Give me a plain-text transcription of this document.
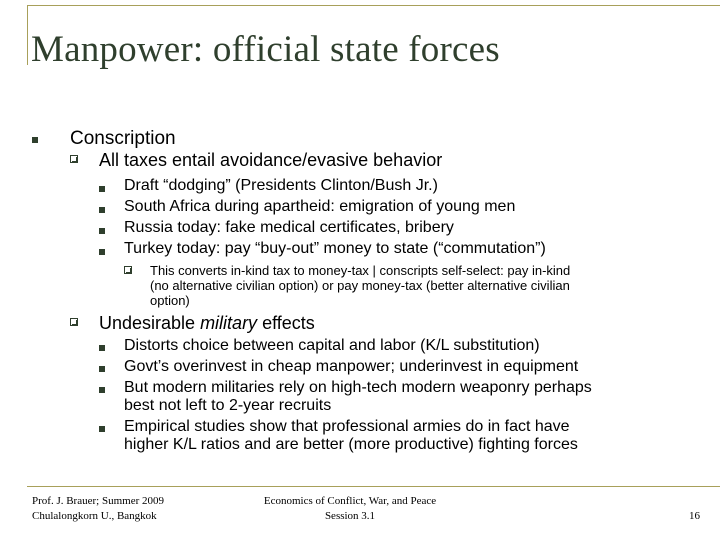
Manpower: official state forces
Conscription
All taxes entail avoidance/evasive behavior
Draft “dodging” (Presidents Clinton/Bush Jr.)
South Africa during apartheid: emigration of young men
Russia today: fake medical certificates, bribery
Turkey today: pay “buy-out” money to state (“commutation”)
This converts in-kind tax to money-tax | conscripts self-select: pay in-kind
(no alternative civilian option) or pay money-tax (better alternative civilian
option)
Undesirable military effects
Distorts choice between capital and labor (K/L substitution)
Govt’s overinvest in cheap manpower; underinvest in equipment
But modern militaries rely on high-tech modern weaponry perhaps
best not left to 2-year recruits
Empirical studies show that professional armies do in fact have
higher K/L ratios and are better (more productive) fighting forces
Prof. J. Brauer; Summer 2009
Chulalongkorn U., Bangkok
Economics of Conflict, War, and Peace
Session 3.1	16
